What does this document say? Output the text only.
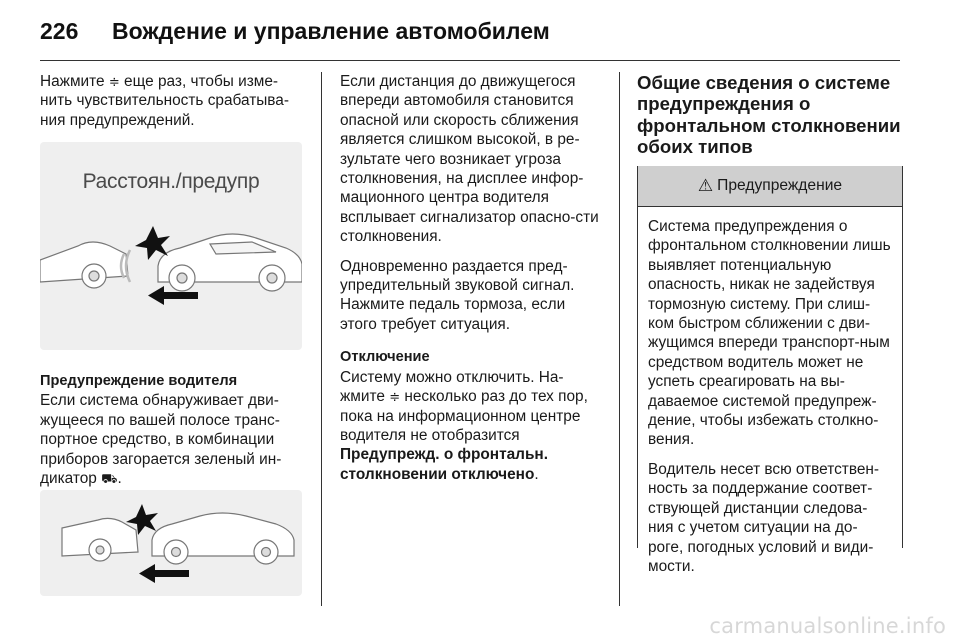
226 Вождение и управление автомобилем

Нажмите ≑ еще раз, чтобы изме-нить чувствительность срабатыва-ния предупреждений.

Расстоян./предупр
Предупреждение водителя
Если система обнаруживает дви-жущееся по вашей полосе транс-портное средство, в комбинации приборов загорается зеленый ин-дикатор ⛟.

Если дистанция до движущегося впереди автомобиля становится опасной или скорость сближения является слишком высокой, в ре-зультате чего возникает угроза столкновения, на дисплее инфор-мационного центра водителя всплывает сигнализатор опасно-сти столкновения.

Одновременно раздается пред-упредительный звуковой сигнал. Нажмите педаль тормоза, если этого требует ситуация.

Отключение
Систему можно отключить. На-жмите ≑ несколько раз до тех пор, пока на информационном центре водителя не отобразится
Предупрежд. о фронтальн. столкновении отключено.
Общие сведения о системе предупреждения о фронтальном столкновении обоих типов
⚠ Предупреждение

Система предупреждения о фронтальном столкновении лишь выявляет потенциальную опасность, никак не задействуя тормозную систему. При слиш-ком быстром сближении с дви-жущимся впереди транспорт-ным средством водитель может не успеть среагировать на вы-даваемое системой предупреж-дение, чтобы избежать столкно-вения.

Водитель несет всю ответствен-ность за поддержание соответ-ствующей дистанции следова-ния с учетом ситуации на до-роге, погодных условий и види-мости.

carmanualsonline.info
